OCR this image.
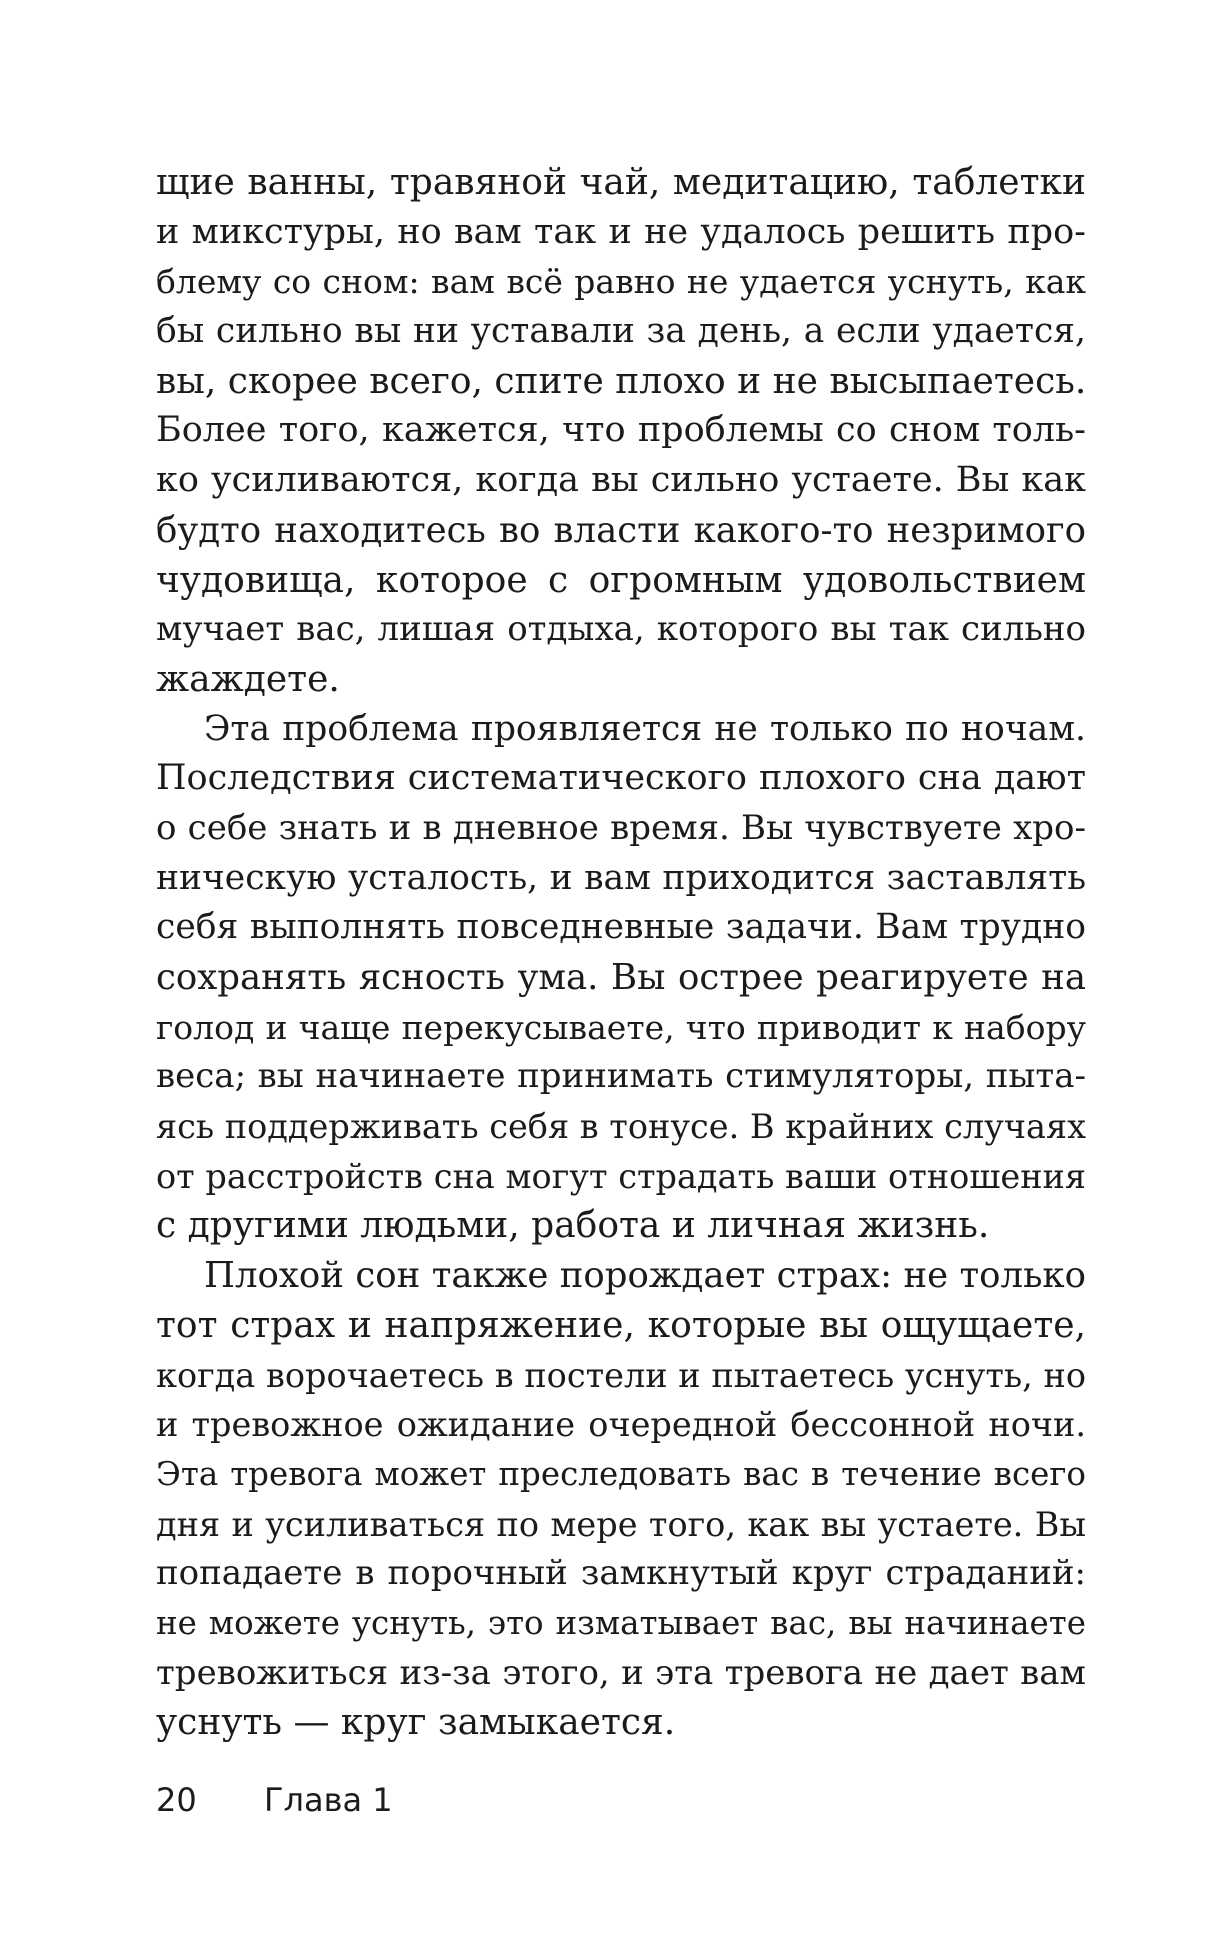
щие ванны, травяной чай, медитацию, таблетки
и микстуры, но вам так и не удалось решить про-
блему со сном: вам всё равно не удается уснуть, как
бы сильно вы ни уставали за день, а если удается,
вы, скорее всего, спите плохо и не высыпаетесь.
Более того, кажется, что проблемы со сном толь-
ко усиливаются, когда вы сильно устаете. Вы как
будто находитесь во власти какого-то незримого
чудовища, которое с огромным удовольствием
мучает вас, лишая отдыха, которого вы так сильно
жаждете.
Эта проблема проявляется не только по ночам.
Последствия систематического плохого сна дают
о себе знать и в дневное время. Вы чувствуете хро-
ническую усталость, и вам приходится заставлять
себя выполнять повседневные задачи. Вам трудно
сохранять ясность ума. Вы острее реагируете на
голод и чаще перекусываете, что приводит к набору
веса; вы начинаете принимать стимуляторы, пыта-
ясь поддерживать себя в тонусе. В крайних случаях
от расстройств сна могут страдать ваши отношения
с другими людьми, работа и личная жизнь.
Плохой сон также порождает страх: не только
тот страх и напряжение, которые вы ощущаете,
когда ворочаетесь в постели и пытаетесь уснуть, но
и тревожное ожидание очередной бессонной ночи.
Эта тревога может преследовать вас в течение всего
дня и усиливаться по мере того, как вы устаете. Вы
попадаете в порочный замкнутый круг страданий:
не можете уснуть, это изматывает вас, вы начинаете
тревожиться из-за этого, и эта тревога не дает вам
уснуть — круг замыкается.
20 Глава 1
